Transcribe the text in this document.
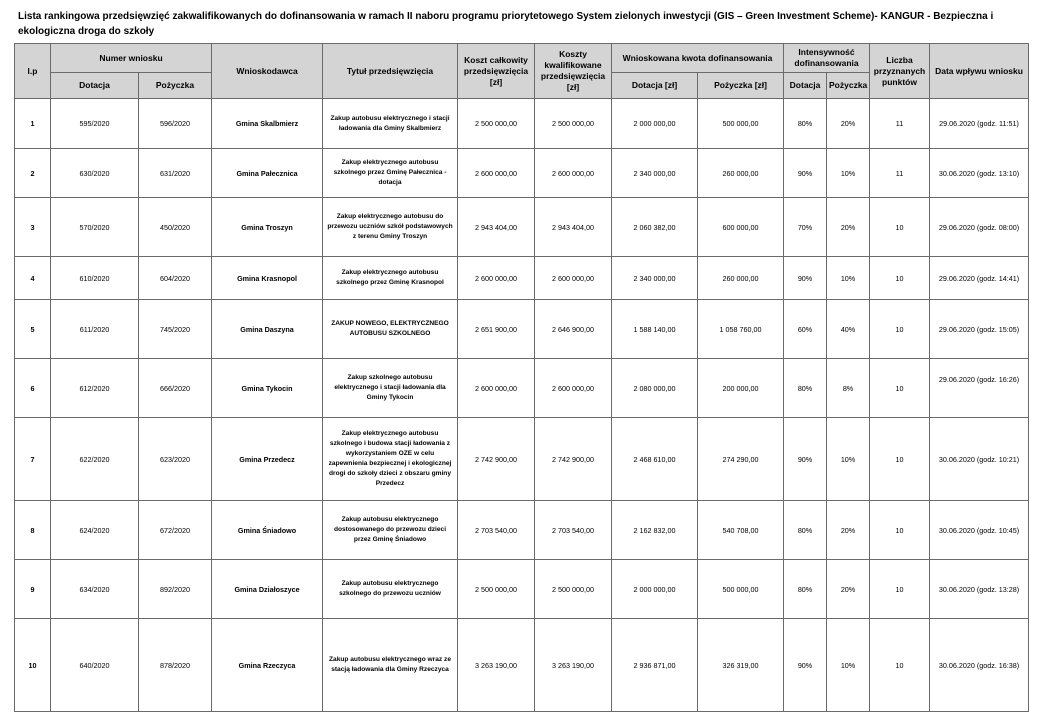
Lista rankingowa przedsięwzięć zakwalifikowanych do dofinansowania w ramach II naboru programu priorytetowego System zielonych inwestycji (GIS – Green Investment Scheme)- KANGUR - Bezpieczna i ekologiczna droga do szkoły
l.p	Numer wniosku		Wnioskodawca	Tytuł przedsięwzięcia	Koszt całkowity przedsięwzięcia [zł]	Koszty kwalifikowane przedsięwzięcia [zł]	Wnioskowana kwota dofinansowania		Intensywność dofinansowania		Liczba przyznanych punktów	Data wpływu wniosku
	Dotacja	Pożyczka					Dotacja [zł]	Pożyczka [zł]	Dotacja	Pożyczka		
1	595/2020	596/2020	Gmina Skalbmierz	Zakup autobusu elektrycznego i stacji ładowania dla Gminy Skalbmierz	2 500 000,00	2 500 000,00	2 000 000,00	500 000,00	80%	20%	11	29.06.2020 (godz. 11:51)
2	630/2020	631/2020	Gmina Pałecznica	Zakup elektrycznego autobusu szkolnego przez Gminę Pałecznica - dotacja	2 600 000,00	2 600 000,00	2 340 000,00	260 000,00	90%	10%	11	30.06.2020 (godz. 13:10)
3	570/2020	450/2020	Gmina Troszyn	Zakup elektrycznego autobusu do przewozu uczniów szkół podstawowych z terenu Gminy Troszyn	2 943 404,00	2 943 404,00	2 060 382,00	600 000,00	70%	20%	10	29.06.2020 (godz. 08:00)
4	610/2020	604/2020	Gmina Krasnopol	Zakup elektrycznego autobusu szkolnego przez Gminę Krasnopol	2 600 000,00	2 600 000,00	2 340 000,00	260 000,00	90%	10%	10	29.06.2020 (godz. 14:41)
5	611/2020	745/2020	Gmina Daszyna	ZAKUP NOWEGO, ELEKTRYCZNEGO AUTOBUSU SZKOLNEGO	2 651 900,00	2 646 900,00	1 588 140,00	1 058 760,00	60%	40%	10	29.06.2020 (godz. 15:05)
6	612/2020	666/2020	Gmina Tykocin	Zakup szkolnego autobusu elektrycznego i stacji ładowania dla Gminy Tykocin	2 600 000,00	2 600 000,00	2 080 000,00	200 000,00	80%	8%	10	29.06.2020 (godz. 16:26)
7	622/2020	623/2020	Gmina Przedecz	Zakup elektrycznego autobusu szkolnego i budowa stacji ładowania z wykorzystaniem OZE w celu zapewnienia bezpiecznej i ekologicznej drogi do szkoły dzieci z obszaru gminy Przedecz	2 742 900,00	2 742 900,00	2 468 610,00	274 290,00	90%	10%	10	30.06.2020 (godz. 10:21)
8	624/2020	672/2020	Gmina Śniadowo	Zakup autobusu elektrycznego dostosowanego do przewozu dzieci przez Gminę Śniadowo	2 703 540,00	2 703 540,00	2 162 832,00	540 708,00	80%	20%	10	30.06.2020 (godz. 10:45)
9	634/2020	892/2020	Gmina Działoszyce	Zakup autobusu elektrycznego szkolnego do przewozu uczniów	2 500 000,00	2 500 000,00	2 000 000,00	500 000,00	80%	20%	10	30.06.2020 (godz. 13:28)
10	640/2020	878/2020	Gmina Rzeczyca	Zakup autobusu elektrycznego wraz ze stacją ładowania dla Gminy Rzeczyca	3 263 190,00	3 263 190,00	2 936 871,00	326 319,00	90%	10%	10	30.06.2020 (godz. 16:38)
